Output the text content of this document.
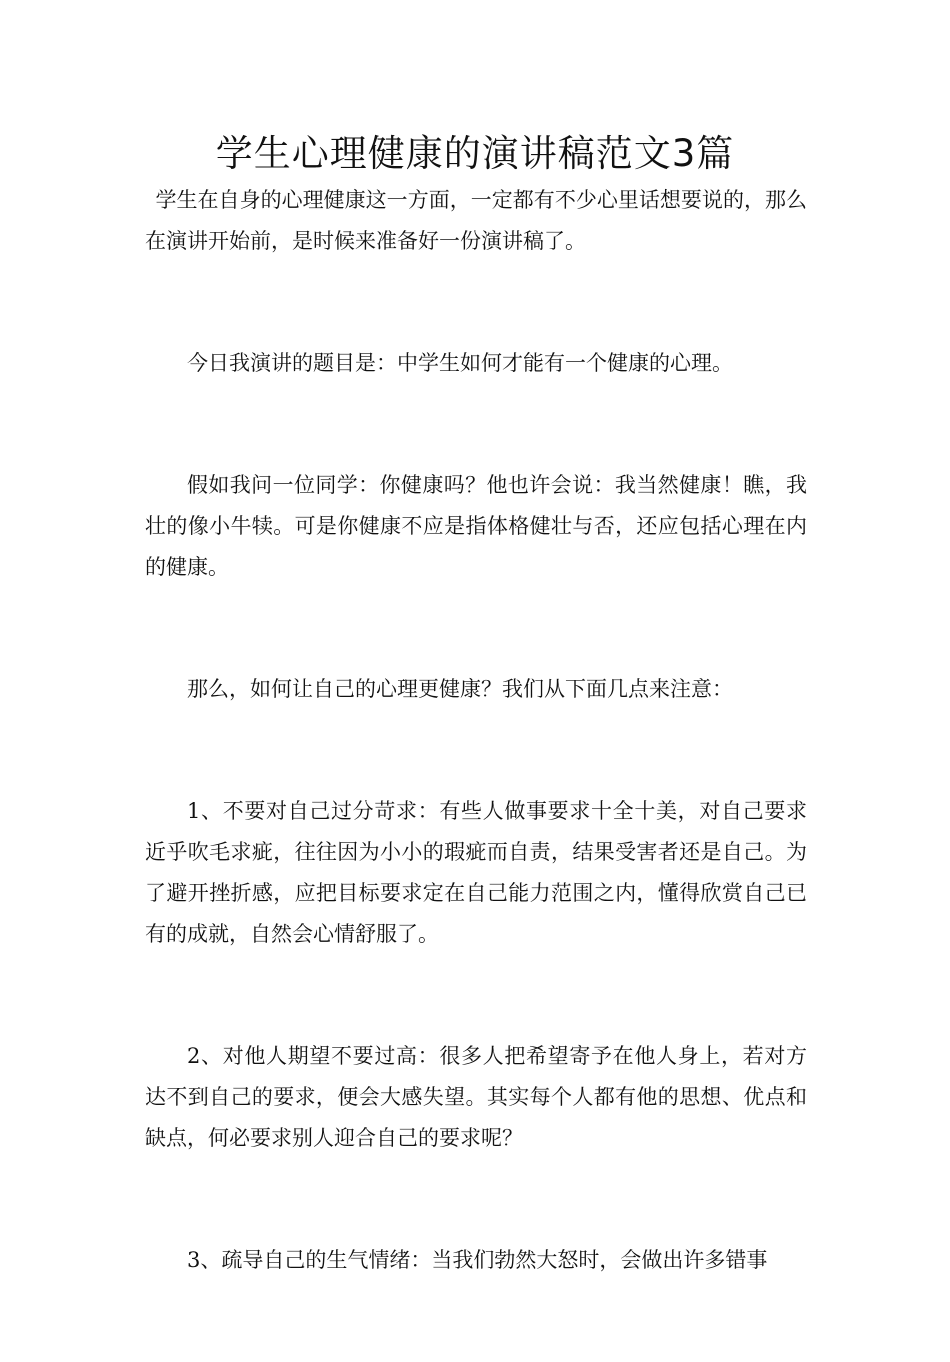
学生心理健康的演讲稿范文3篇

学生在自身的心理健康这一方面，一定都有不少心里话想要说的，那么在演讲开始前，是时候来准备好一份演讲稿了。

今日我演讲的题目是：中学生如何才能有一个健康的心理。

假如我问一位同学：你健康吗？他也许会说：我当然健康！瞧，我壮的像小牛犊。可是你健康不应是指体格健壮与否，还应包括心理在内的健康。

那么，如何让自己的心理更健康？我们从下面几点来注意：

1、不要对自己过分苛求：有些人做事要求十全十美，对自己要求近乎吹毛求疵，往往因为小小的瑕疵而自责，结果受害者还是自己。为了避开挫折感，应把目标要求定在自己能力范围之内，懂得欣赏自己已有的成就，自然会心情舒服了。

2、对他人期望不要过高：很多人把希望寄予在他人身上，若对方达不到自己的要求，便会大感失望。其实每个人都有他的思想、优点和缺点，何必要求别人迎合自己的要求呢？

3、疏导自己的生气情绪：当我们勃然大怒时，会做出许多错事
